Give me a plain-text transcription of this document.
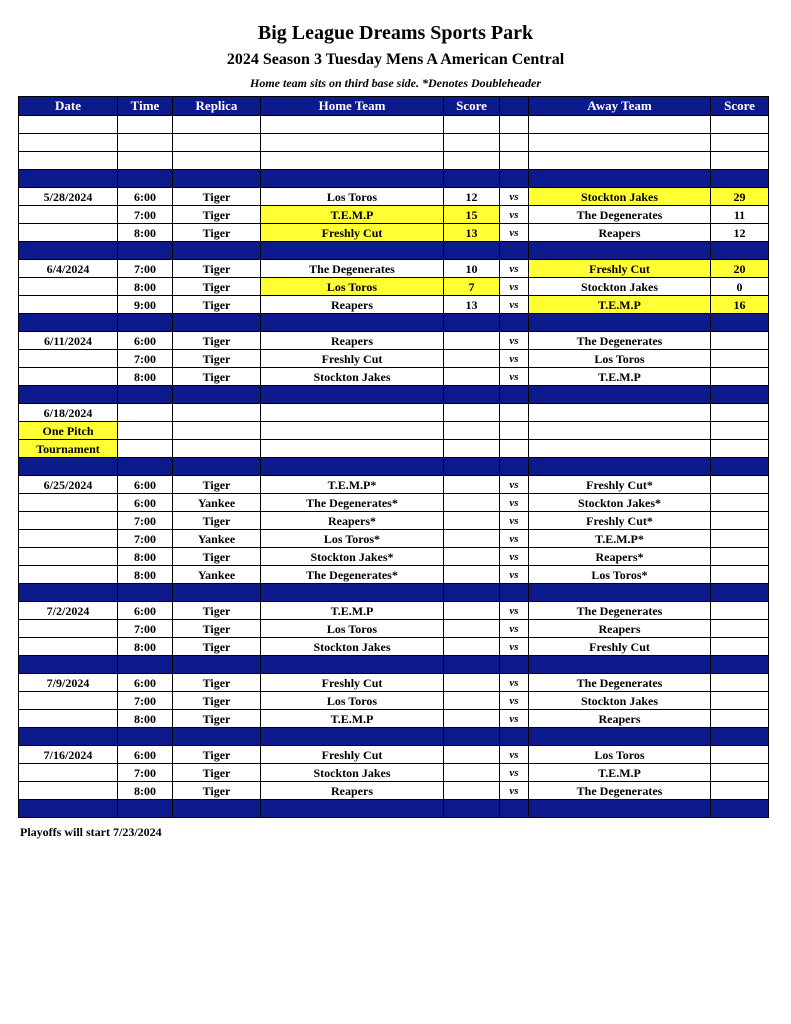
Big League Dreams Sports Park
2024 Season 3 Tuesday Mens A American Central
Home team sits on third base side. *Denotes Doubleheader
Date	Time	Replica	Home Team	Score		Away Team	Score

5/28/2024	6:00	Tiger	Los Toros	12	vs	Stockton Jakes	29
	7:00	Tiger	T.E.M.P	15	vs	The Degenerates	11
	8:00	Tiger	Freshly Cut	13	vs	Reapers	12

6/4/2024	7:00	Tiger	The Degenerates	10	vs	Freshly Cut	20
	8:00	Tiger	Los Toros	7	vs	Stockton Jakes	0
	9:00	Tiger	Reapers	13	vs	T.E.M.P	16

6/11/2024	6:00	Tiger	Reapers		vs	The Degenerates	
	7:00	Tiger	Freshly Cut		vs	Los Toros	
	8:00	Tiger	Stockton Jakes		vs	T.E.M.P	

6/18/2024							
One Pitch							
Tournament							

6/25/2024	6:00	Tiger	T.E.M.P*		vs	Freshly Cut*	
	6:00	Yankee	The Degenerates*		vs	Stockton Jakes*	
	7:00	Tiger	Reapers*		vs	Freshly Cut*	
	7:00	Yankee	Los Toros*		vs	T.E.M.P*	
	8:00	Tiger	Stockton Jakes*		vs	Reapers*	
	8:00	Yankee	The Degenerates*		vs	Los Toros*	

7/2/2024	6:00	Tiger	T.E.M.P		vs	The Degenerates	
	7:00	Tiger	Los Toros		vs	Reapers	
	8:00	Tiger	Stockton Jakes		vs	Freshly Cut	

7/9/2024	6:00	Tiger	Freshly Cut		vs	The Degenerates	
	7:00	Tiger	Los Toros		vs	Stockton Jakes	
	8:00	Tiger	T.E.M.P		vs	Reapers	

7/16/2024	6:00	Tiger	Freshly Cut		vs	Los Toros	
	7:00	Tiger	Stockton Jakes		vs	T.E.M.P	
	8:00	Tiger	Reapers		vs	The Degenerates	

Playoffs will start 7/23/2024
